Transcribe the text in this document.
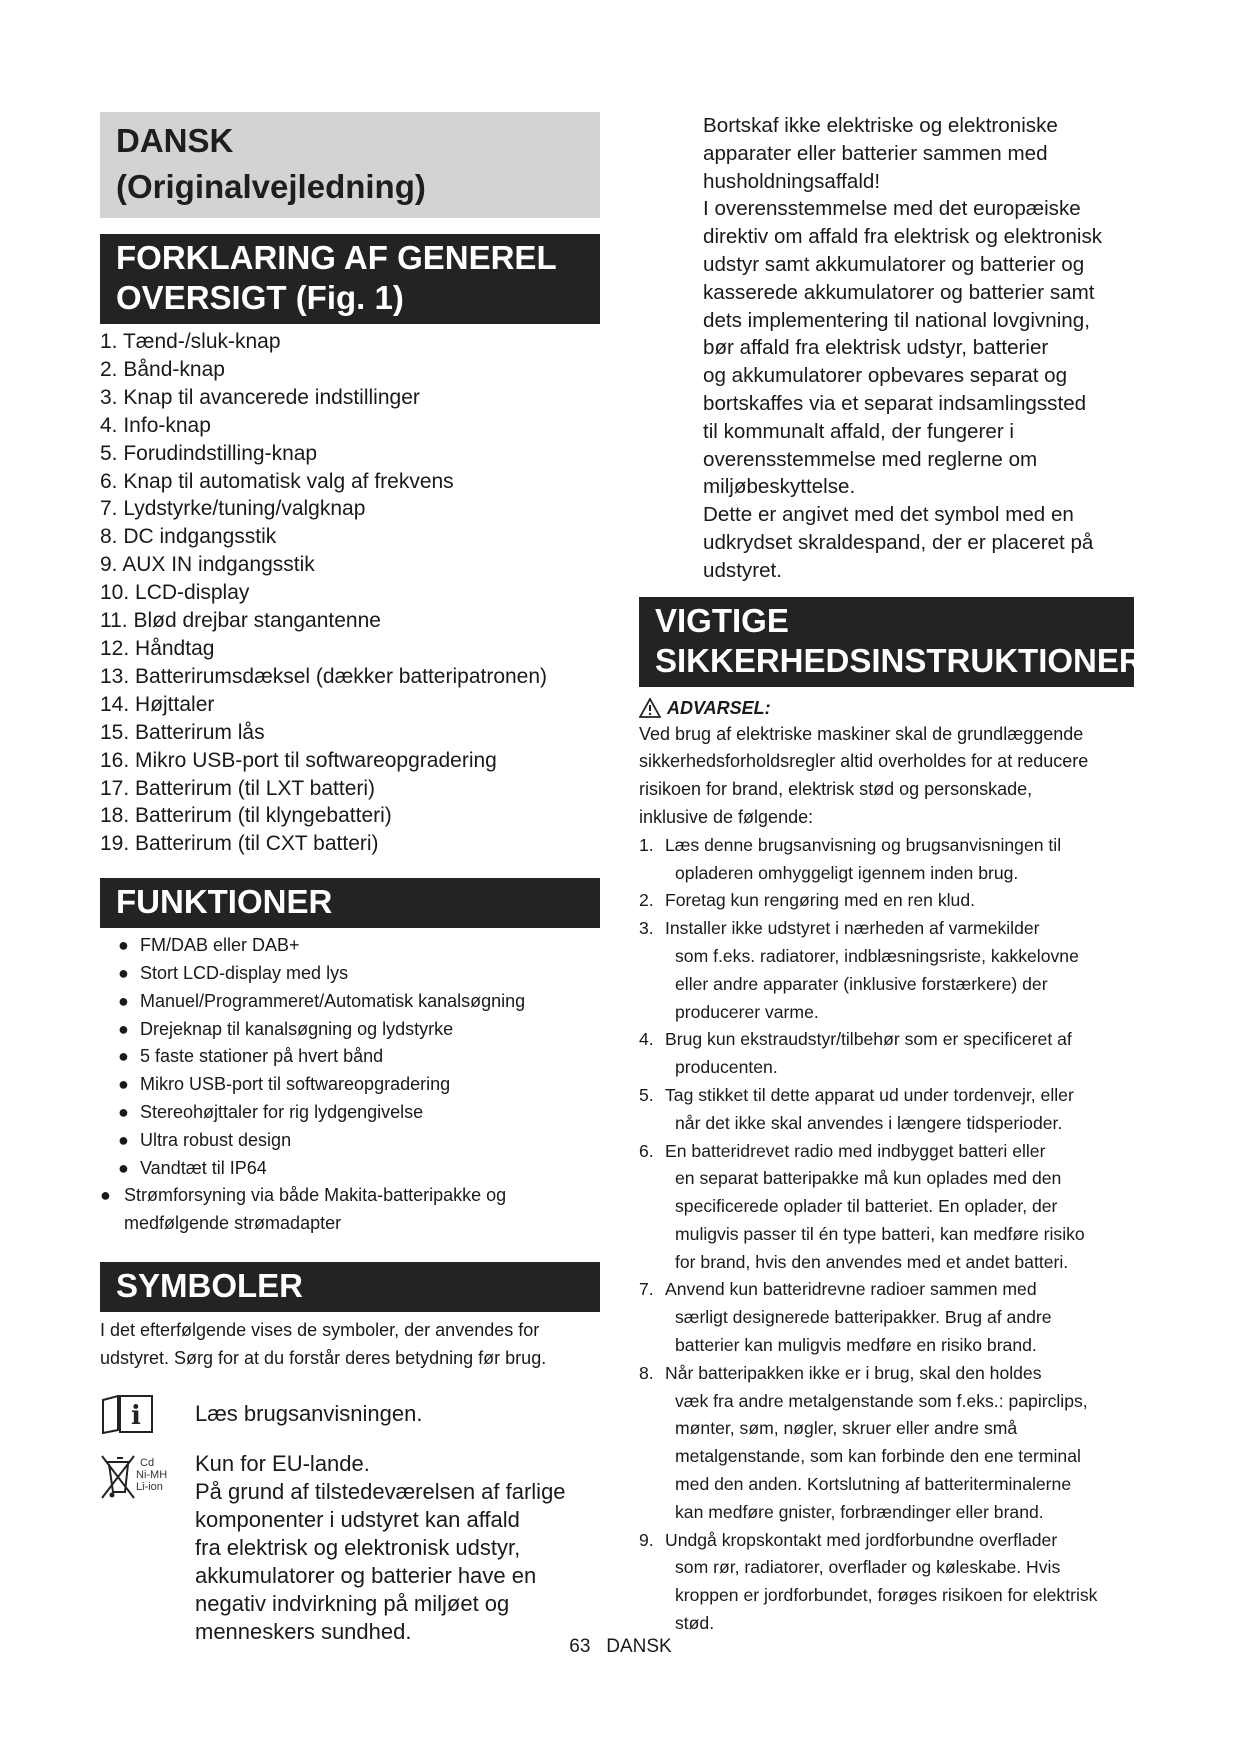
DANSK
(Originalvejledning)
FORKLARING AF GENEREL
OVERSIGT (Fig. 1)
1. Tænd-/sluk-knap
2. Bånd-knap
3. Knap til avancerede indstillinger
4. Info-knap
5. Forudindstilling-knap
6. Knap til automatisk valg af frekvens
7. Lydstyrke/tuning/valgknap
8. DC indgangsstik
9. AUX IN indgangsstik
10. LCD-display
11. Blød drejbar stangantenne
12. Håndtag
13. Batterirumsdæksel (dækker batteripatronen)
14. Højttaler
15. Batterirum lås
16. Mikro USB-port til softwareopgradering
17. Batterirum (til LXT batteri)
18. Batterirum (til klyngebatteri)
19. Batterirum (til CXT batteri)
FUNKTIONER
● FM/DAB eller DAB+
● Stort LCD-display med lys
● Manuel/Programmeret/Automatisk kanalsøgning
● Drejeknap til kanalsøgning og lydstyrke
● 5 faste stationer på hvert bånd
● Mikro USB-port til softwareopgradering
● Stereohøjttaler for rig lydgengivelse
● Ultra robust design
● Vandtæt til IP64
● Strømforsyning via både Makita-batteripakke og
medfølgende strømadapter
SYMBOLER
I det efterfølgende vises de symboler, der anvendes for
udstyret. Sørg for at du forstår deres betydning før brug.
i Læs brugsanvisningen.
Cd
Ni-MH
Li-ion
Kun for EU-lande.
På grund af tilstedeværelsen af farlige
komponenter i udstyret kan affald
fra elektrisk og elektronisk udstyr,
akkumulatorer og batterier have en
negativ indvirkning på miljøet og
menneskers sundhed.
Bortskaf ikke elektriske og elektroniske
apparater eller batterier sammen med
husholdningsaffald!
I overensstemmelse med det europæiske
direktiv om affald fra elektrisk og elektronisk
udstyr samt akkumulatorer og batterier og
kasserede akkumulatorer og batterier samt
dets implementering til national lovgivning,
bør affald fra elektrisk udstyr, batterier
og akkumulatorer opbevares separat og
bortskaffes via et separat indsamlingssted
til kommunalt affald, der fungerer i
overensstemmelse med reglerne om
miljøbeskyttelse.
Dette er angivet med det symbol med en
udkrydset skraldespand, der er placeret på
udstyret.
VIGTIGE
SIKKERHEDSINSTRUKTIONER
ADVARSEL:
Ved brug af elektriske maskiner skal de grundlæggende
sikkerhedsforholdsregler altid overholdes for at reducere
risikoen for brand, elektrisk stød og personskade,
inklusive de følgende:
1. Læs denne brugsanvisning og brugsanvisningen til
opladeren omhyggeligt igennem inden brug.
2. Foretag kun rengøring med en ren klud.
3. Installer ikke udstyret i nærheden af varmekilder
som f.eks. radiatorer, indblæsningsriste, kakkelovne
eller andre apparater (inklusive forstærkere) der
producerer varme.
4. Brug kun ekstraudstyr/tilbehør som er specificeret af
producenten.
5. Tag stikket til dette apparat ud under tordenvejr, eller
når det ikke skal anvendes i længere tidsperioder.
6. En batteridrevet radio med indbygget batteri eller
en separat batteripakke må kun oplades med den
specificerede oplader til batteriet. En oplader, der
muligvis passer til én type batteri, kan medføre risiko
for brand, hvis den anvendes med et andet batteri.
7. Anvend kun batteridrevne radioer sammen med
særligt designerede batteripakker. Brug af andre
batterier kan muligvis medføre en risiko brand.
8. Når batteripakken ikke er i brug, skal den holdes
væk fra andre metalgenstande som f.eks.: papirclips,
mønter, søm, nøgler, skruer eller andre små
metalgenstande, som kan forbinde den ene terminal
med den anden. Kortslutning af batteriterminalerne
kan medføre gnister, forbrændinger eller brand.
9. Undgå kropskontakt med jordforbundne overflader
som rør, radiatorer, overflader og køleskabe. Hvis
kroppen er jordforbundet, forøges risikoen for elektrisk
stød.
63 DANSK
